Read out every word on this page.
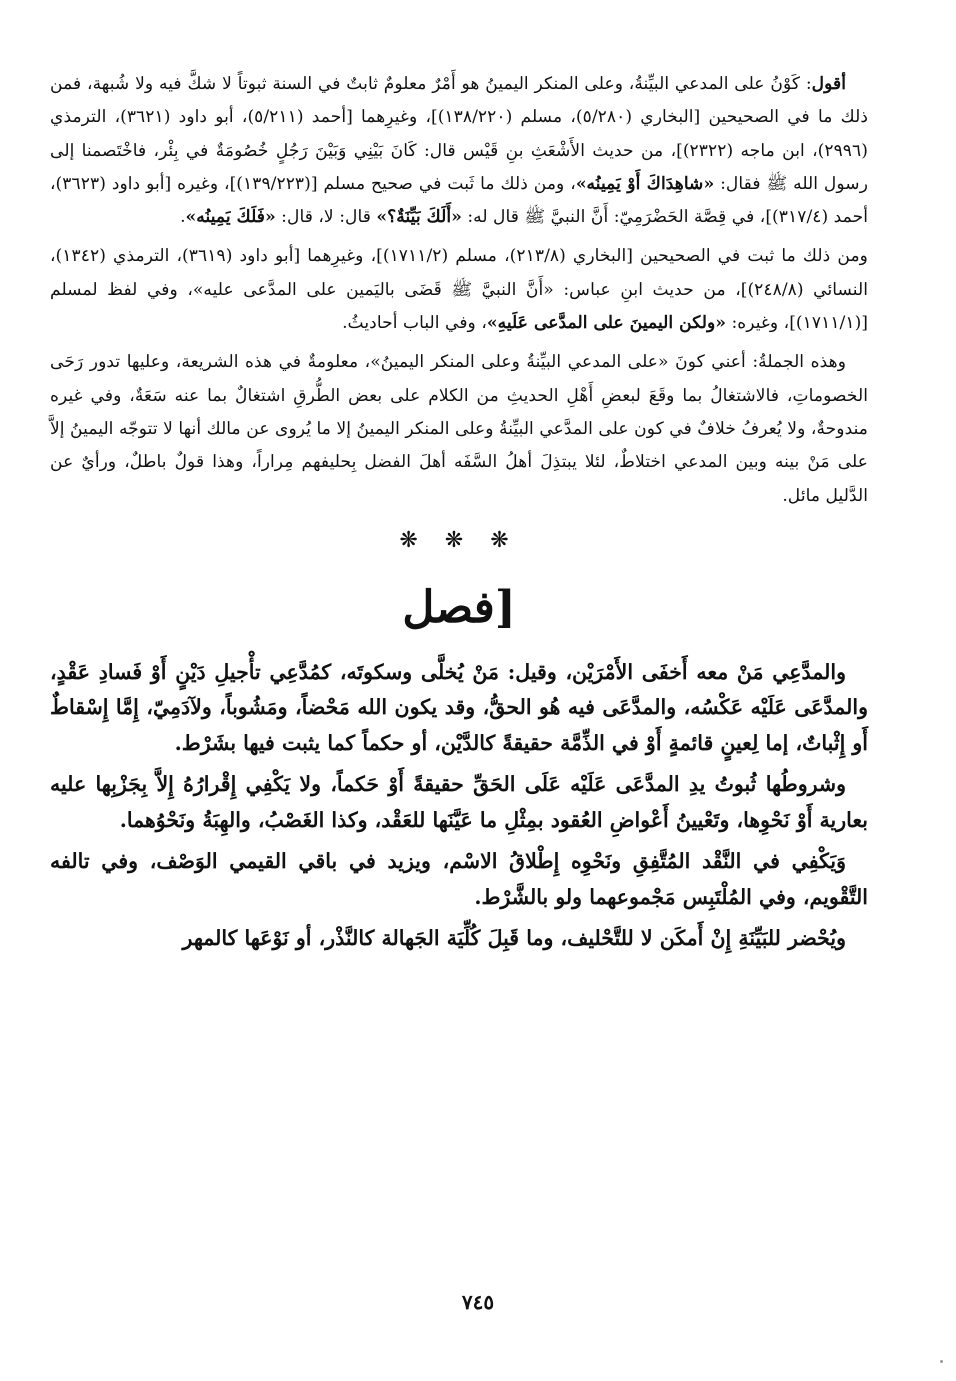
أقول: كَوْنُ على المدعي البيِّنةُ، وعلى المنكر اليمينُ هو أَمْرٌ معلومٌ ثابتٌ في السنة ثبوتاً لا شكَّ فيه ولا شُبهة، فمن ذلك ما في الصحيحين [البخاري (٥/٢٨٠)، مسلم (١٣٨/٢٢٠)]، وغيرِهما [أحمد (٥/٢١١)، أبو داود (٣٦٢١)، الترمذي (٢٩٩٦)، ابن ماجه (٢٣٢٢)]، من حديث الأَشْعَثِ بنِ قَيْس قال: كَانَ بَيْنِي وَبَيْنَ رَجُلٍ خُصُومَةٌ في بِئْر، فاخْتَصمنا إلى رسول الله ﷺ فقال: «شاهِدَاكَ أَوْ يَمِينُه»، ومن ذلك ما ثَبت في صحيح مسلم [(١٣٩/٢٢٣)]، وغيره [أبو داود (٣٦٢٣)، أحمد (٣١٧/٤)]، في قِصَّة الحَضْرَمِيّ: أَنَّ النبيَّ ﷺ قال له: «أَلَكَ بَيِّنَةٌ؟» قال: لا، قال: «فَلَكَ يَمِينُه».

ومن ذلك ما ثبت في الصحيحين [البخاري (٢١٣/٨)، مسلم (١٧١١/٢)]، وغيرِهما [أبو داود (٣٦١٩)، الترمذي (١٣٤٢)، النسائي (٢٤٨/٨)]، من حديث ابنِ عباس: «أَنَّ النبيَّ ﷺ قَضَى باليَمين على المدَّعى عليه»، وفي لفظ لمسلم [(١٧١١/١)]، وغيره: «ولكن اليمينَ على المدَّعى عَلَيهِ»، وفي الباب أحاديثُ.

وهذه الجملةُ: أعني كونَ «على المدعي البيِّنةُ وعلى المنكر اليمينُ»، معلومةٌ في هذه الشريعة، وعليها تدور رَحَى الخصوماتِ، فالاشتغالُ بما وقَعَ لبعضِ أَهْلِ الحديثِ من الكلام على بعض الطُّرقِ اشتغالٌ بما عنه سَعَةٌ، وفي غيره مندوحةٌ، ولا يُعرفُ خلافٌ في كون على المدَّعي البيِّنةُ وعلى المنكر اليمينُ إلا ما يُروى عن مالك أنها لا تتوجّه اليمينُ إلاَّ على مَنْ بينه وبين المدعي اختلاطٌ، لئلا يبتذِلَ أهلُ السَّفَه أهلَ الفضل بِحليفهم مِراراً، وهذا قولٌ باطلٌ، ورأيٌ عن الدَّليل مائل.

❋ ❋ ❋
[فصل

والمدَّعِي مَنْ معه أَخفَى الأَمْرَيْن، وقيل: مَنْ يُخلَّى وسكوتَه، كمُدَّعِي تأْجيلِ دَيْنٍ أَوْ فَسادِ عَقْدٍ، والمدَّعَى عَلَيْه عَكْسُه، والمدَّعَى فيه هُو الحقُّ، وقد يكون الله مَحْضاً، ومَشُوباً، ولآدَمِيّ، إِمَّا إِسْقاطٌ أَو إِثْباتٌ، إما لِعينٍ قائمةٍ أَوْ في الذِّمَّة حقيقةً كالدَّيْن، أو حكماً كما يثبت فيها بشَرْط.

وشروطُها ثُبوتُ يدِ المدَّعَى عَلَيْه عَلَى الحَقِّ حقيقةً أَوْ حَكماً، ولا يَكْفِي إِقْرارُهُ إِلاَّ بِجَزْبِها عليه بعارية أَوْ نَحْوِها، وتَعْيينُ أَعْواضِ العُقود بمِثْلِ ما عَيَّنَها للعَقْد، وكذا الغَصْبُ، والهِبَةُ ونَحْوُهما.

وَيَكْفِي في النَّقْد المُتَّفِقِ ونَحْوِه إِطْلاقُ الاسْم، ويزيد في باقي القيمي الوَصْف، وفي تالفه التَّقْويم، وفي المُلْتَبِس مَجْموعهما ولو بالشَّرْط.

ويُحْضر للبَيِّنَةِ إِنْ أَمكَن لا للتَّحْليف، وما قَبِلَ كُلِّيَة الجَهالة كالنَّذْر، أو نَوْعَها كالمهر

٧٤٥
